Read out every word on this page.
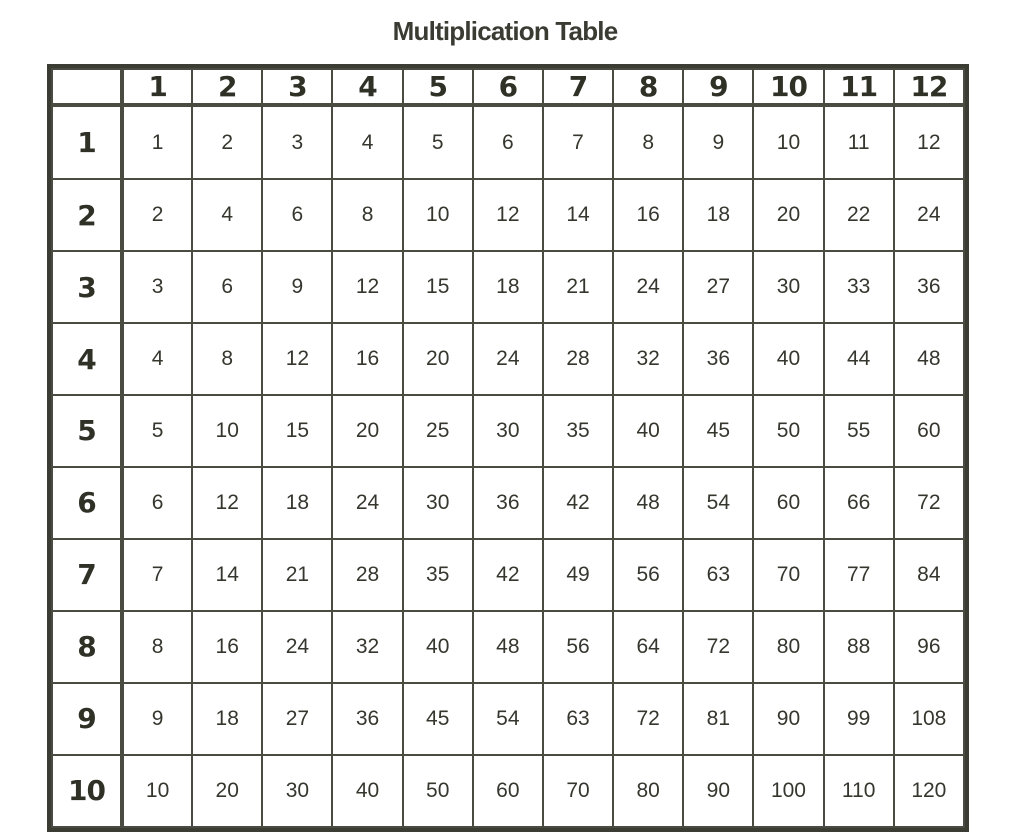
Multiplication Table
	1	2	3	4	5	6	7	8	9	10	11	12
1	1	2	3	4	5	6	7	8	9	10	11	12
2	2	4	6	8	10	12	14	16	18	20	22	24
3	3	6	9	12	15	18	21	24	27	30	33	36
4	4	8	12	16	20	24	28	32	36	40	44	48
5	5	10	15	20	25	30	35	40	45	50	55	60
6	6	12	18	24	30	36	42	48	54	60	66	72
7	7	14	21	28	35	42	49	56	63	70	77	84
8	8	16	24	32	40	48	56	64	72	80	88	96
9	9	18	27	36	45	54	63	72	81	90	99	108
10	10	20	30	40	50	60	70	80	90	100	110	120
